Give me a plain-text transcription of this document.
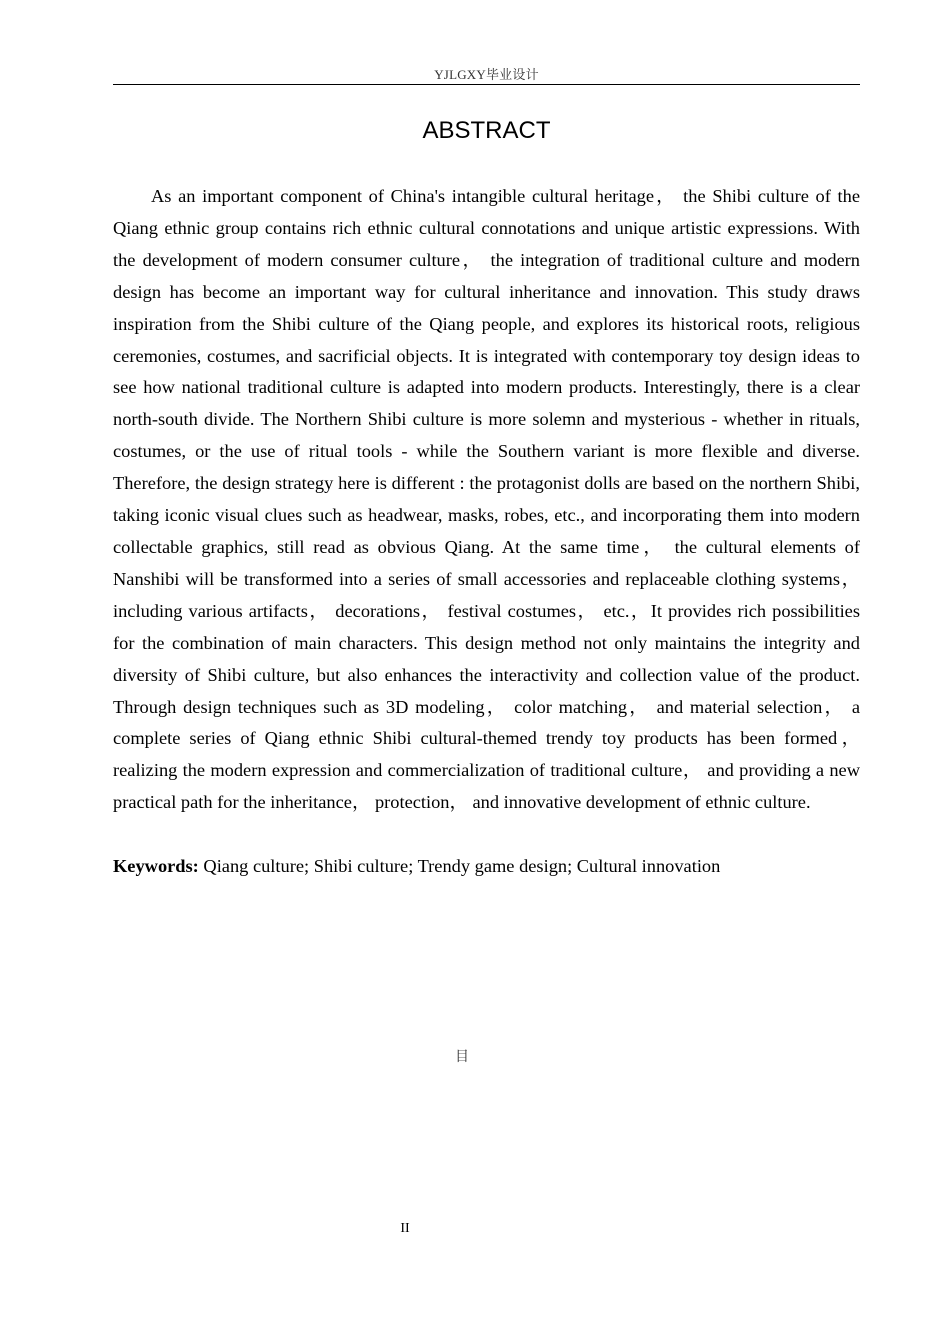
YJLGXY毕业设计
ABSTRACT

As an important component of China's intangible cultural heritage， the Shibi culture of the Qiang ethnic group contains rich ethnic cultural connotations and unique artistic expressions. With the development of modern consumer culture， the integration of traditional culture and modern design has become an important way for cultural inheritance and innovation. This study draws inspiration from the Shibi culture of the Qiang people, and explores its historical roots, religious ceremonies, costumes, and sacrificial objects. It is integrated with contemporary toy design ideas to see how national traditional culture is adapted into modern products. Interestingly, there is a clear north-south divide. The Northern Shibi culture is more solemn and mysterious - whether in rituals, costumes, or the use of ritual tools - while the Southern variant is more flexible and diverse. Therefore, the design strategy here is different : the protagonist dolls are based on the northern Shibi, taking iconic visual clues such as headwear, masks, robes, etc., and incorporating them into modern collectable graphics, still read as obvious Qiang. At the same time， the cultural elements of Nanshibi will be transformed into a series of small accessories and replaceable clothing systems， including various artifacts， decorations， festival costumes， etc.，It provides rich possibilities for the combination of main characters. This design method not only maintains the integrity and diversity of Shibi culture, but also enhances the interactivity and collection value of the product. Through design techniques such as 3D modeling， color matching， and material selection， a complete series of Qiang ethnic Shibi cultural-themed trendy toy products has been formed， realizing the modern expression and commercialization of traditional culture， and providing a new practical path for the inheritance， protection， and innovative development of ethnic culture.

Keywords: Qiang culture; Shibi culture; Trendy game design; Cultural innovation

目
II
